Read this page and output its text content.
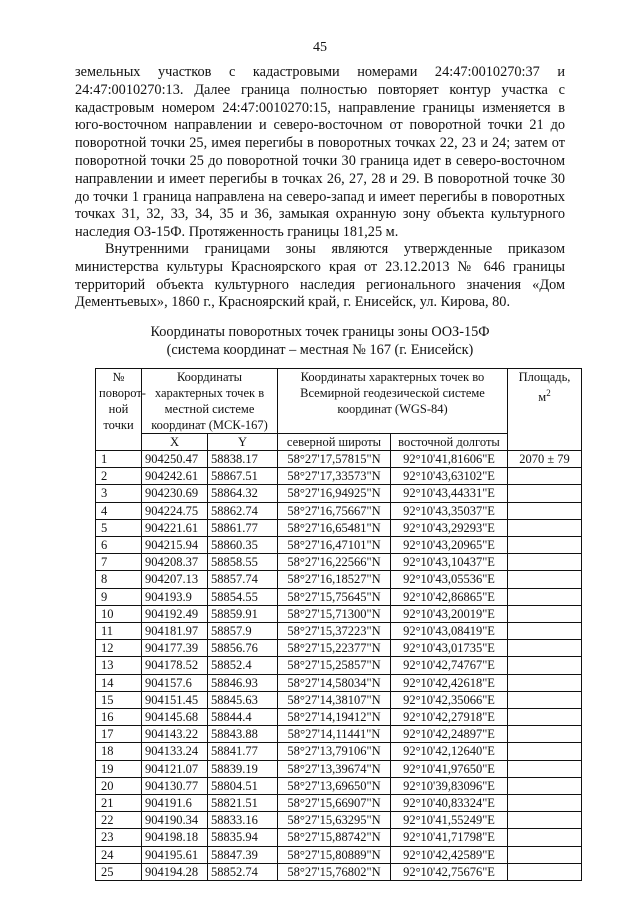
45

земельных участков с кадастровыми номерами 24:47:0010270:37 и 24:47:0010270:13. Далее граница полностью повторяет контур участка с кадастровым номером 24:47:0010270:15, направление границы изменяется в юго-восточном направлении и северо-восточном от поворотной точки 21 до поворотной точки 25, имея перегибы в поворотных точках 22, 23 и 24; затем от поворотной точки 25 до поворотной точки 30 граница идет в северо-восточном направлении и имеет перегибы в точках 26, 27, 28 и 29. В поворотной точке 30 до точки 1 граница направлена на северо-запад и имеет перегибы в поворотных точках 31, 32, 33, 34, 35 и 36, замыкая охранную зону объекта культурного наследия ОЗ-15Ф. Протяженность границы 181,25 м.

Внутренними границами зоны являются утвержденные приказом министерства культуры Красноярского края от 23.12.2013 № 646 границы территорий объекта культурного наследия регионального значения «Дом Дементьевых», 1860 г., Красноярский край, г. Енисейск, ул. Кирова, 80.

Координаты поворотных точек границы зоны ООЗ-15Ф
(система координат – местная № 167 (г. Енисейск)
№ поворот-ной точки	Координаты характерных точек в местной системе координат (МСК-167)		Координаты характерных точек во Всемирной геодезической системе координат (WGS-84)		Площадь, $м^2$
	X	Y	северной широты	восточной долготы	
1	904250.47	58838.17	58°27'17,57815"N	92°10'41,81606"E	2070 ± 79
2	904242.61	58867.51	58°27'17,33573"N	92°10'43,63102"E	
3	904230.69	58864.32	58°27'16,94925"N	92°10'43,44331"E	
4	904224.75	58862.74	58°27'16,75667"N	92°10'43,35037"E	
5	904221.61	58861.77	58°27'16,65481"N	92°10'43,29293"E	
6	904215.94	58860.35	58°27'16,47101"N	92°10'43,20965"E	
7	904208.37	58858.55	58°27'16,22566"N	92°10'43,10437"E	
8	904207.13	58857.74	58°27'16,18527"N	92°10'43,05536"E	
9	904193.9	58854.55	58°27'15,75645"N	92°10'42,86865"E	
10	904192.49	58859.91	58°27'15,71300"N	92°10'43,20019"E	
11	904181.97	58857.9	58°27'15,37223"N	92°10'43,08419"E	
12	904177.39	58856.76	58°27'15,22377"N	92°10'43,01735"E	
13	904178.52	58852.4	58°27'15,25857"N	92°10'42,74767"E	
14	904157.6	58846.93	58°27'14,58034"N	92°10'42,42618"E	
15	904151.45	58845.63	58°27'14,38107"N	92°10'42,35066"E	
16	904145.68	58844.4	58°27'14,19412"N	92°10'42,27918"E	
17	904143.22	58843.88	58°27'14,11441"N	92°10'42,24897"E	
18	904133.24	58841.77	58°27'13,79106"N	92°10'42,12640"E	
19	904121.07	58839.19	58°27'13,39674"N	92°10'41,97650"E	
20	904130.77	58804.51	58°27'13,69650"N	92°10'39,83096"E	
21	904191.6	58821.51	58°27'15,66907"N	92°10'40,83324"E	
22	904190.34	58833.16	58°27'15,63295"N	92°10'41,55249"E	
23	904198.18	58835.94	58°27'15,88742"N	92°10'41,71798"E	
24	904195.61	58847.39	58°27'15,80889"N	92°10'42,42589"E	
25	904194.28	58852.74	58°27'15,76802"N	92°10'42,75676"E	
